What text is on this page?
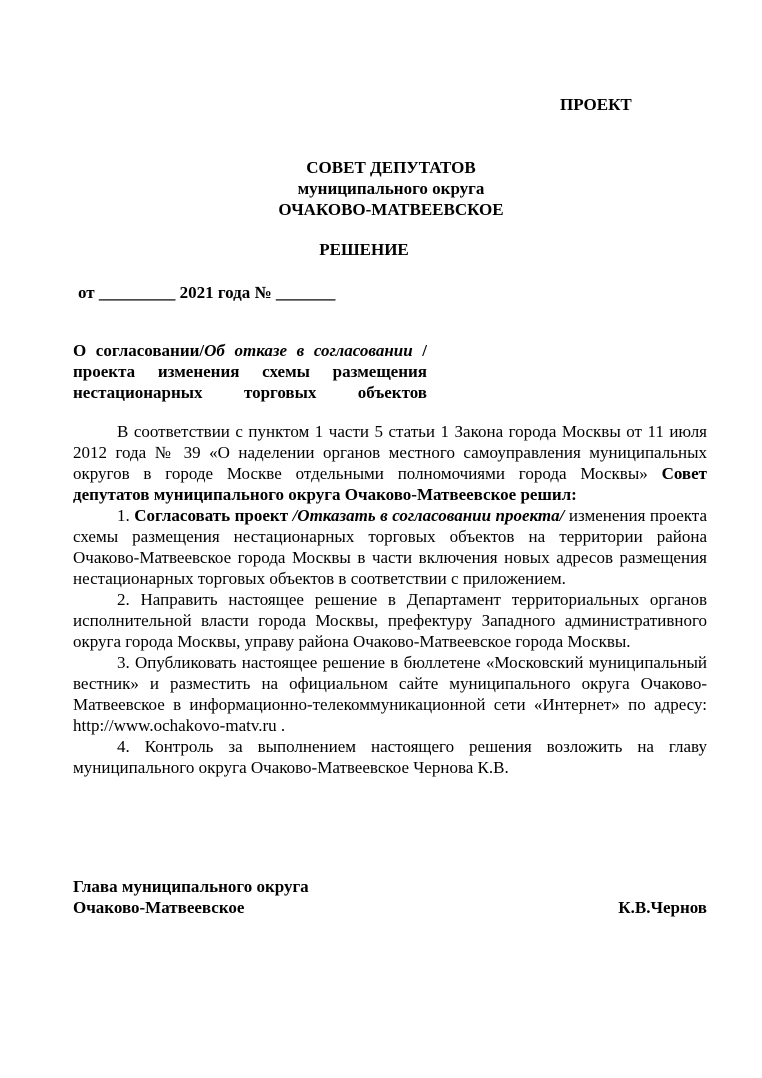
ПРОЕКТ
СОВЕТ ДЕПУТАТОВ
муниципального округа
ОЧАКОВО-МАТВЕЕВСКОЕ
РЕШЕНИЕ
от _________ 2021 года № _______
О согласовании/Об отказе в согласовании / проекта изменения схемы размещения нестационарных торговых объектов

В соответствии с пунктом 1 части 5 статьи 1 Закона города Москвы от 11 июля 2012 года № 39 «О наделении органов местного самоуправления муниципальных округов в городе Москве отдельными полномочиями города Москвы» Совет депутатов муниципального округа Очаково-Матвеевское решил:

1. Согласовать проект /Отказать в согласовании проекта/ изменения проекта схемы размещения нестационарных торговых объектов на территории района Очаково-Матвеевское города Москвы в части включения новых адресов размещения нестационарных торговых объектов в соответствии с приложением.

2. Направить настоящее решение в Департамент территориальных органов исполнительной власти города Москвы, префектуру Западного административного округа города Москвы, управу района Очаково-Матвеевское города Москвы.

3. Опубликовать настоящее решение в бюллетене «Московский муниципальный вестник» и разместить на официальном сайте муниципального округа Очаково-Матвеевское в информационно-телекоммуникационной сети «Интернет» по адресу: http://www.ochakovo-matv.ru .

4. Контроль за выполнением настоящего решения возложить на главу муниципального округа Очаково-Матвеевское Чернова К.В.

Глава муниципального округа
Очаково-Матвеевское	К.В.Чернов
